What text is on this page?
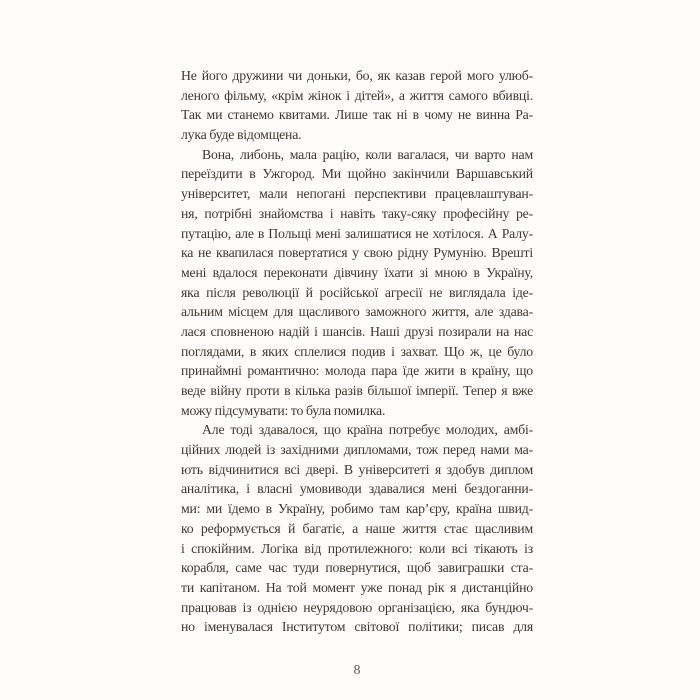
Не його дружини чи доньки, бо, як казав герой мого улюб-
леного фільму, «крім жінок і дітей», а життя самого вбивці.
Так ми станемо квитами. Лише так ні в чому не винна Ра-
лука буде відомщена.
Вона, либонь, мала рацію, коли вагалася, чи варто нам
переїздити в Ужгород. Ми щойно закінчили Варшавський
університет, мали непогані перспективи працевлаштуван-
ня, потрібні знайомства і навіть таку-сяку професійну ре-
путацію, але в Польщі мені залишатися не хотілося. А Ралу-
ка не квапилася повертатися у свою рідну Румунію. Врешті
мені вдалося переконати дівчину їхати зі мною в Україну,
яка після революції й російської агресії не виглядала іде-
альним місцем для щасливого заможного життя, але здава-
лася сповненою надій і шансів. Наші друзі позирали на нас
поглядами, в яких сплелися подив і захват. Що ж, це було
принаймні романтично: молода пара їде жити в країну, що
веде війну проти в кілька разів більшої імперії. Тепер я вже
можу підсумувати: то була помилка.
Але тоді здавалося, що країна потребує молодих, амбі-
ційних людей із західними дипломами, тож перед нами ма-
ють відчинитися всі двері. В університеті я здобув диплом
аналітика, і власні умовиводи здавалися мені бездоганни-
ми: ми їдемо в Україну, робимо там кар’єру, країна швид-
ко реформується й багатіє, а наше життя стає щасливим
і спокійним. Логіка від протилежного: коли всі тікають із
корабля, саме час туди повернутися, щоб завиграшки ста-
ти капітаном. На той момент уже понад рік я дистанційно
працював із однією неурядовою організацією, яка бундюч-
но іменувалася Інститутом світової політики; писав для
8
